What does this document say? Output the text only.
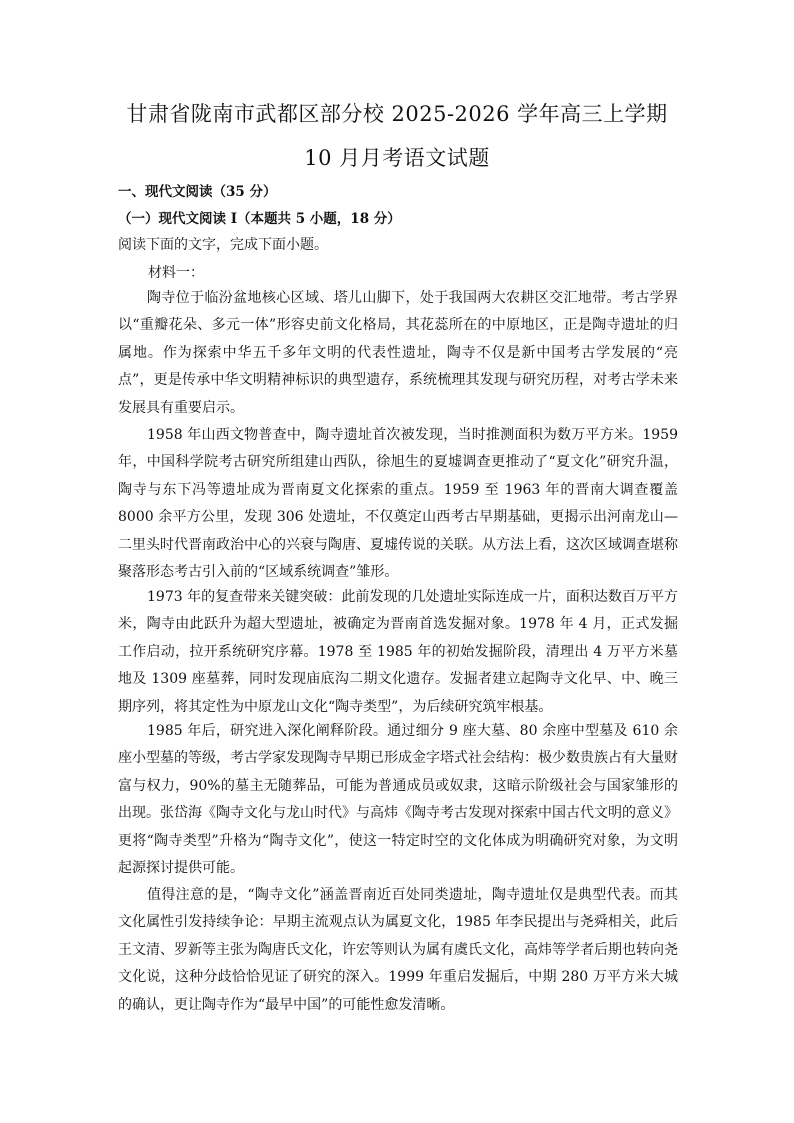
甘肃省陇南市武都区部分校 2025-2026 学年高三上学期
10 月月考语文试题
一、现代文阅读（35 分）
（一）现代文阅读 I（本题共 5 小题，18 分）
阅读下面的文字，完成下面小题。
材料一：
陶寺位于临汾盆地核心区域、塔儿山脚下，处于我国两大农耕区交汇地带。考古学界以“重瓣花朵、多元一体”形容史前文化格局，其花蕊所在的中原地区，正是陶寺遗址的归属地。作为探索中华五千多年文明的代表性遗址，陶寺不仅是新中国考古学发展的“亮点”，更是传承中华文明精神标识的典型遗存，系统梳理其发现与研究历程，对考古学未来发展具有重要启示。
1958 年山西文物普查中，陶寺遗址首次被发现，当时推测面积为数万平方米。1959 年，中国科学院考古研究所组建山西队，徐旭生的夏墟调查更推动了“夏文化”研究升温，陶寺与东下冯等遗址成为晋南夏文化探索的重点。1959 至 1963 年的晋南大调查覆盖 8000 余平方公里，发现 306 处遗址，不仅奠定山西考古早期基础，更揭示出河南龙山—二里头时代晋南政治中心的兴衰与陶唐、夏墟传说的关联。从方法上看，这次区域调查堪称聚落形态考古引入前的“区域系统调查”雏形。
1973 年的复查带来关键突破：此前发现的几处遗址实际连成一片，面积达数百万平方米，陶寺由此跃升为超大型遗址，被确定为晋南首选发掘对象。1978 年 4 月，正式发掘工作启动，拉开系统研究序幕。1978 至 1985 年的初始发掘阶段，清理出 4 万平方米墓地及 1309 座墓葬，同时发现庙底沟二期文化遗存。发掘者建立起陶寺文化早、中、晚三期序列，将其定性为中原龙山文化“陶寺类型”，为后续研究筑牢根基。
1985 年后，研究进入深化阐释阶段。通过细分 9 座大墓、80 余座中型墓及 610 余座小型墓的等级，考古学家发现陶寺早期已形成金字塔式社会结构：极少数贵族占有大量财富与权力，90%的墓主无随葬品，可能为普通成员或奴隶，这暗示阶级社会与国家雏形的出现。张岱海《陶寺文化与龙山时代》与高炜《陶寺考古发现对探索中国古代文明的意义》更将“陶寺类型”升格为“陶寺文化”，使这一特定时空的文化体成为明确研究对象，为文明起源探讨提供可能。
值得注意的是，“陶寺文化”涵盖晋南近百处同类遗址，陶寺遗址仅是典型代表。而其文化属性引发持续争论：早期主流观点认为属夏文化，1985 年李民提出与尧舜相关，此后王文清、罗新等主张为陶唐氏文化，许宏等则认为属有虞氏文化，高炜等学者后期也转向尧文化说，这种分歧恰恰见证了研究的深入。1999 年重启发掘后，中期 280 万平方米大城的确认，更让陶寺作为“最早中国”的可能性愈发清晰。
